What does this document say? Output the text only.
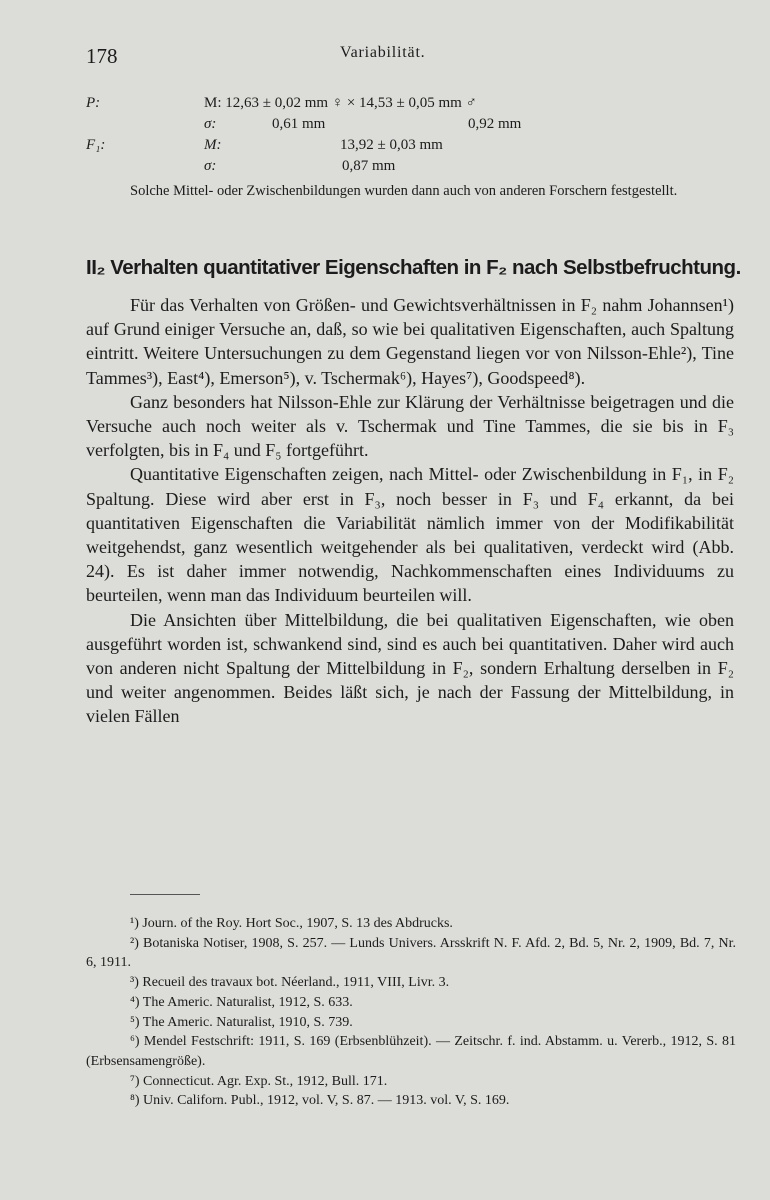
178	Variabilität.
P:	M: 12,63 ± 0,02 mm ♀ × 14,53 ± 0,05 mm ♂
σ:	0,61 mm	0,92 mm
F₁:	M:	13,92 ± 0,03 mm
σ:	0,87 mm
Solche Mittel- oder Zwischenbildungen wurden dann auch von anderen Forschern festgestellt.
II₂ Verhalten quantitativer Eigenschaften in F₂ nach Selbstbefruchtung.

Für das Verhalten von Größen- und Gewichtsverhältnissen in F₂ nahm Johannsen¹) auf Grund einiger Versuche an, daß, so wie bei qualitativen Eigenschaften, auch Spaltung eintritt. Weitere Untersuchungen zu dem Gegenstand liegen vor von Nilsson-Ehle²), Tine Tammes³), East⁴), Emerson⁵), v. Tschermak⁶), Hayes⁷), Goodspeed⁸).

Ganz besonders hat Nilsson-Ehle zur Klärung der Verhältnisse beigetragen und die Versuche auch noch weiter als v. Tschermak und Tine Tammes, die sie bis in F₃ verfolgten, bis in F₄ und F₅ fortgeführt.

Quantitative Eigenschaften zeigen, nach Mittel- oder Zwischenbildung in F₁, in F₂ Spaltung. Diese wird aber erst in F₃, noch besser in F₃ und F₄ erkannt, da bei quantitativen Eigenschaften die Variabilität nämlich immer von der Modifikabilität weitgehendst, ganz wesentlich weitgehender als bei qualitativen, verdeckt wird (Abb. 24). Es ist daher immer notwendig, Nachkommenschaften eines Individuums zu beurteilen, wenn man das Individuum beurteilen will.

Die Ansichten über Mittelbildung, die bei qualitativen Eigenschaften, wie oben ausgeführt worden ist, schwankend sind, sind es auch bei quantitativen. Daher wird auch von anderen nicht Spaltung der Mittelbildung in F₂, sondern Erhaltung derselben in F₂ und weiter angenommen. Beides läßt sich, je nach der Fassung der Mittelbildung, in vielen Fällen

¹) Journ. of the Roy. Hort Soc., 1907, S. 13 des Abdrucks.

²) Botaniska Notiser, 1908, S. 257. — Lunds Univers. Arsskrift N. F. Afd. 2, Bd. 5, Nr. 2, 1909, Bd. 7, Nr. 6, 1911.

³) Recueil des travaux bot. Néerland., 1911, VIII, Livr. 3.

⁴) The Americ. Naturalist, 1912, S. 633.

⁵) The Americ. Naturalist, 1910, S. 739.

⁶) Mendel Festschrift: 1911, S. 169 (Erbsenblühzeit). — Zeitschr. f. ind. Abstamm. u. Vererb., 1912, S. 81 (Erbsensamengröße).

⁷) Connecticut. Agr. Exp. St., 1912, Bull. 171.

⁸) Univ. Californ. Publ., 1912, vol. V, S. 87. — 1913. vol. V, S. 169.
